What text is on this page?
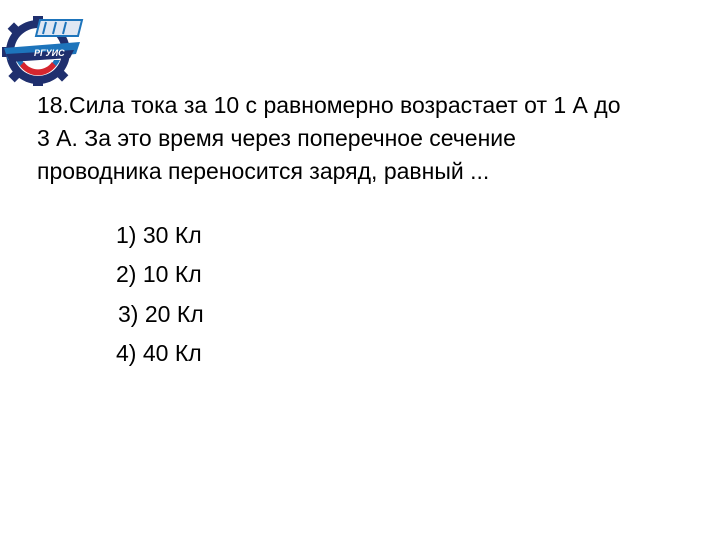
РГУИС

18.Сила тока за 10 с равномерно возрастает от 1 А до
3 А. За это время через поперечное сечение
проводника переносится заряд, равный ...

1) 30 Кл
2) 10 Кл
3) 20 Кл
4) 40 Кл
